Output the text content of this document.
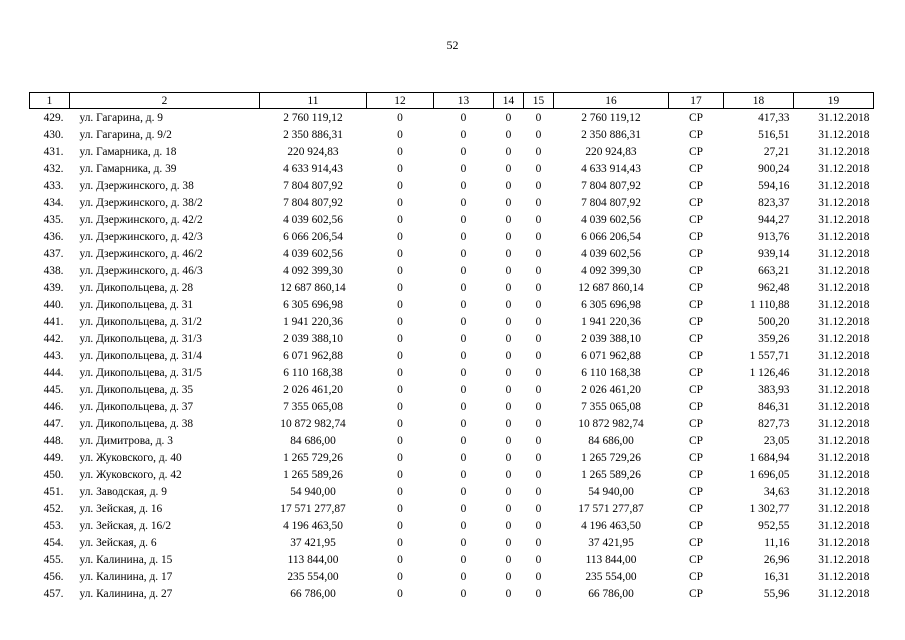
52
1	2	11	12	13	14	15	16	17	18	19
429.	ул. Гагарина, д. 9	2 760 119,12	0	0	0	0	2 760 119,12	СР	417,33	31.12.2018
430.	ул. Гагарина, д. 9/2	2 350 886,31	0	0	0	0	2 350 886,31	СР	516,51	31.12.2018
431.	ул. Гамарника, д. 18	220 924,83	0	0	0	0	220 924,83	СР	27,21	31.12.2018
432.	ул. Гамарника, д. 39	4 633 914,43	0	0	0	0	4 633 914,43	СР	900,24	31.12.2018
433.	ул. Дзержинского, д. 38	7 804 807,92	0	0	0	0	7 804 807,92	СР	594,16	31.12.2018
434.	ул. Дзержинского, д. 38/2	7 804 807,92	0	0	0	0	7 804 807,92	СР	823,37	31.12.2018
435.	ул. Дзержинского, д. 42/2	4 039 602,56	0	0	0	0	4 039 602,56	СР	944,27	31.12.2018
436.	ул. Дзержинского, д. 42/3	6 066 206,54	0	0	0	0	6 066 206,54	СР	913,76	31.12.2018
437.	ул. Дзержинского, д. 46/2	4 039 602,56	0	0	0	0	4 039 602,56	СР	939,14	31.12.2018
438.	ул. Дзержинского, д. 46/3	4 092 399,30	0	0	0	0	4 092 399,30	СР	663,21	31.12.2018
439.	ул. Дикопольцева, д. 28	12 687 860,14	0	0	0	0	12 687 860,14	СР	962,48	31.12.2018
440.	ул. Дикопольцева, д. 31	6 305 696,98	0	0	0	0	6 305 696,98	СР	1 110,88	31.12.2018
441.	ул. Дикопольцева, д. 31/2	1 941 220,36	0	0	0	0	1 941 220,36	СР	500,20	31.12.2018
442.	ул. Дикопольцева, д. 31/3	2 039 388,10	0	0	0	0	2 039 388,10	СР	359,26	31.12.2018
443.	ул. Дикопольцева, д. 31/4	6 071 962,88	0	0	0	0	6 071 962,88	СР	1 557,71	31.12.2018
444.	ул. Дикопольцева, д. 31/5	6 110 168,38	0	0	0	0	6 110 168,38	СР	1 126,46	31.12.2018
445.	ул. Дикопольцева, д. 35	2 026 461,20	0	0	0	0	2 026 461,20	СР	383,93	31.12.2018
446.	ул. Дикопольцева, д. 37	7 355 065,08	0	0	0	0	7 355 065,08	СР	846,31	31.12.2018
447.	ул. Дикопольцева, д. 38	10 872 982,74	0	0	0	0	10 872 982,74	СР	827,73	31.12.2018
448.	ул. Димитрова, д. 3	84 686,00	0	0	0	0	84 686,00	СР	23,05	31.12.2018
449.	ул. Жуковского, д. 40	1 265 729,26	0	0	0	0	1 265 729,26	СР	1 684,94	31.12.2018
450.	ул. Жуковского, д. 42	1 265 589,26	0	0	0	0	1 265 589,26	СР	1 696,05	31.12.2018
451.	ул. Заводская, д. 9	54 940,00	0	0	0	0	54 940,00	СР	34,63	31.12.2018
452.	ул. Зейская, д. 16	17 571 277,87	0	0	0	0	17 571 277,87	СР	1 302,77	31.12.2018
453.	ул. Зейская, д. 16/2	4 196 463,50	0	0	0	0	4 196 463,50	СР	952,55	31.12.2018
454.	ул. Зейская, д. 6	37 421,95	0	0	0	0	37 421,95	СР	11,16	31.12.2018
455.	ул. Калинина, д. 15	113 844,00	0	0	0	0	113 844,00	СР	26,96	31.12.2018
456.	ул. Калинина, д. 17	235 554,00	0	0	0	0	235 554,00	СР	16,31	31.12.2018
457.	ул. Калинина, д. 27	66 786,00	0	0	0	0	66 786,00	СР	55,96	31.12.2018
